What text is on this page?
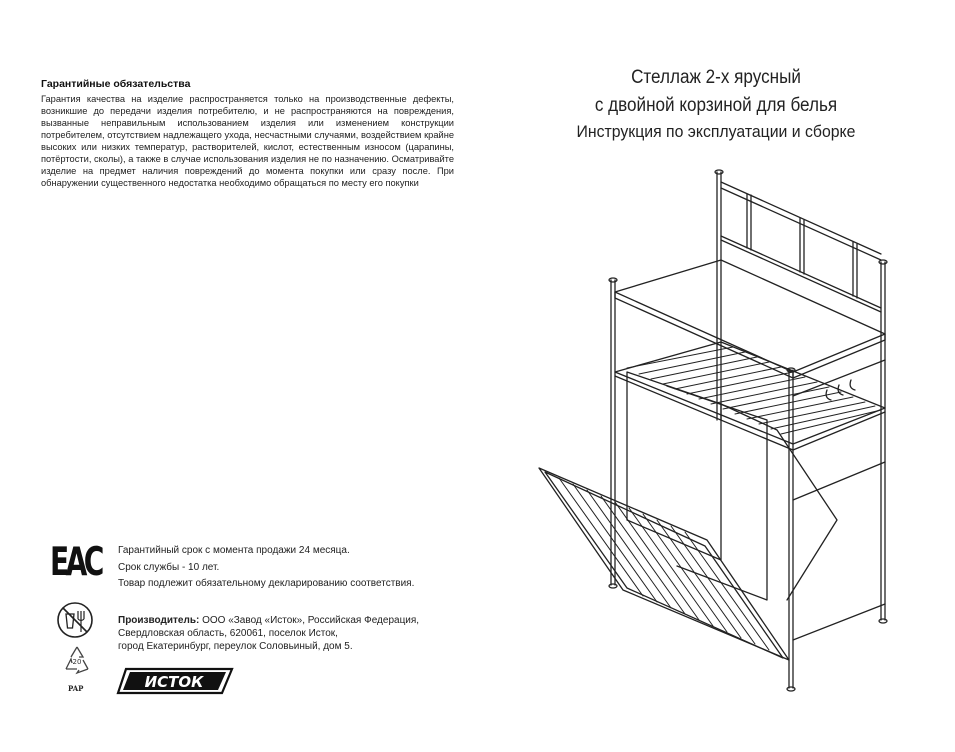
Гарантийные обязательства
Гарантия качества на изделие распространяется только на производственные дефекты, возникшие до передачи изделия потребителю, и не распространяются на повреждения, вызванные неправильным использованием изделия или изменением конструкции потребителем, отсутствием надлежащего ухода, несчастными случаями, воздействием крайне высоких или низких температур, растворителей, кислот, естественным износом (царапины, потёртости, сколы), а также в случае использования изделия не по назначению. Осматривайте изделие на предмет наличия повреждений до момента покупки или сразу после. При обнаружении существенного недостатка необходимо обращаться по месту его покупки
EAC Гарантийный срок с момента продажи 24 месяца.
Срок службы - 10 лет.
Товар подлежит обязательному декларированию соответствия.
20
PAP
Производитель: ООО «Завод «Исток», Российская Федерация,
Свердловская область, 620061, поселок Исток,
город Екатеринбург, переулок Соловьиный, дом 5.
ИСТОК
Стеллаж 2-х ярусный
с двойной корзиной для белья
Инструкция по эксплуатации и сборке
